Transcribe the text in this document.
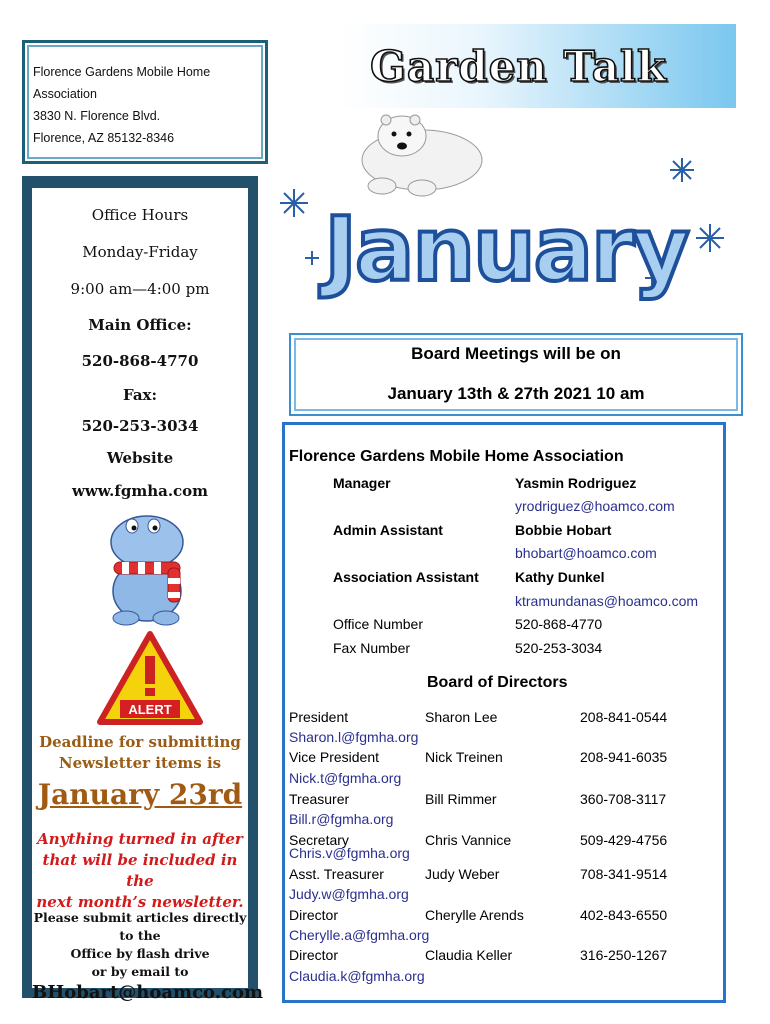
Florence Gardens Mobile Home
Association
3830 N. Florence Blvd.
Florence, AZ 85132-8346
Garden Talk
January
Office Hours
Monday-Friday
9:00 am—4:00 pm
Main Office:
520-868-4770
Fax:
520-253-3034
Website
www.fgmha.com
ALERT
Deadline for submitting
Newsletter items is
January 23rd
Anything turned in after
that will be included in the
next month’s newsletter.
Please submit articles directly
to the
Office by flash drive
or by email to
BHobart@hoamco.com
Board Meetings will be on
January 13th & 27th 2021 10 am
Florence Gardens Mobile Home Association
Manager	Yasmin Rodriguez
yrodriguez@hoamco.com
Admin Assistant	Bobbie Hobart
bhobart@hoamco.com
Association Assistant	Kathy Dunkel
ktramundanas@hoamco.com
Office Number	520-868-4770
Fax Number	520-253-3034
Board of Directors
President	Sharon Lee	208-841-0544
Sharon.l@fgmha.org
Vice President	Nick Treinen	208-941-6035
Nick.t@fgmha.org
Treasurer	Bill Rimmer	360-708-3117
Bill.r@fgmha.org
Secretary	Chris Vannice	509-429-4756
Chris.v@fgmha.org
Asst. Treasurer	Judy Weber	708-341-9514
Judy.w@fgmha.org
Director	Cherylle Arends	402-843-6550
Cherylle.a@fgmha.org
Director	Claudia Keller	316-250-1267
Claudia.k@fgmha.org
